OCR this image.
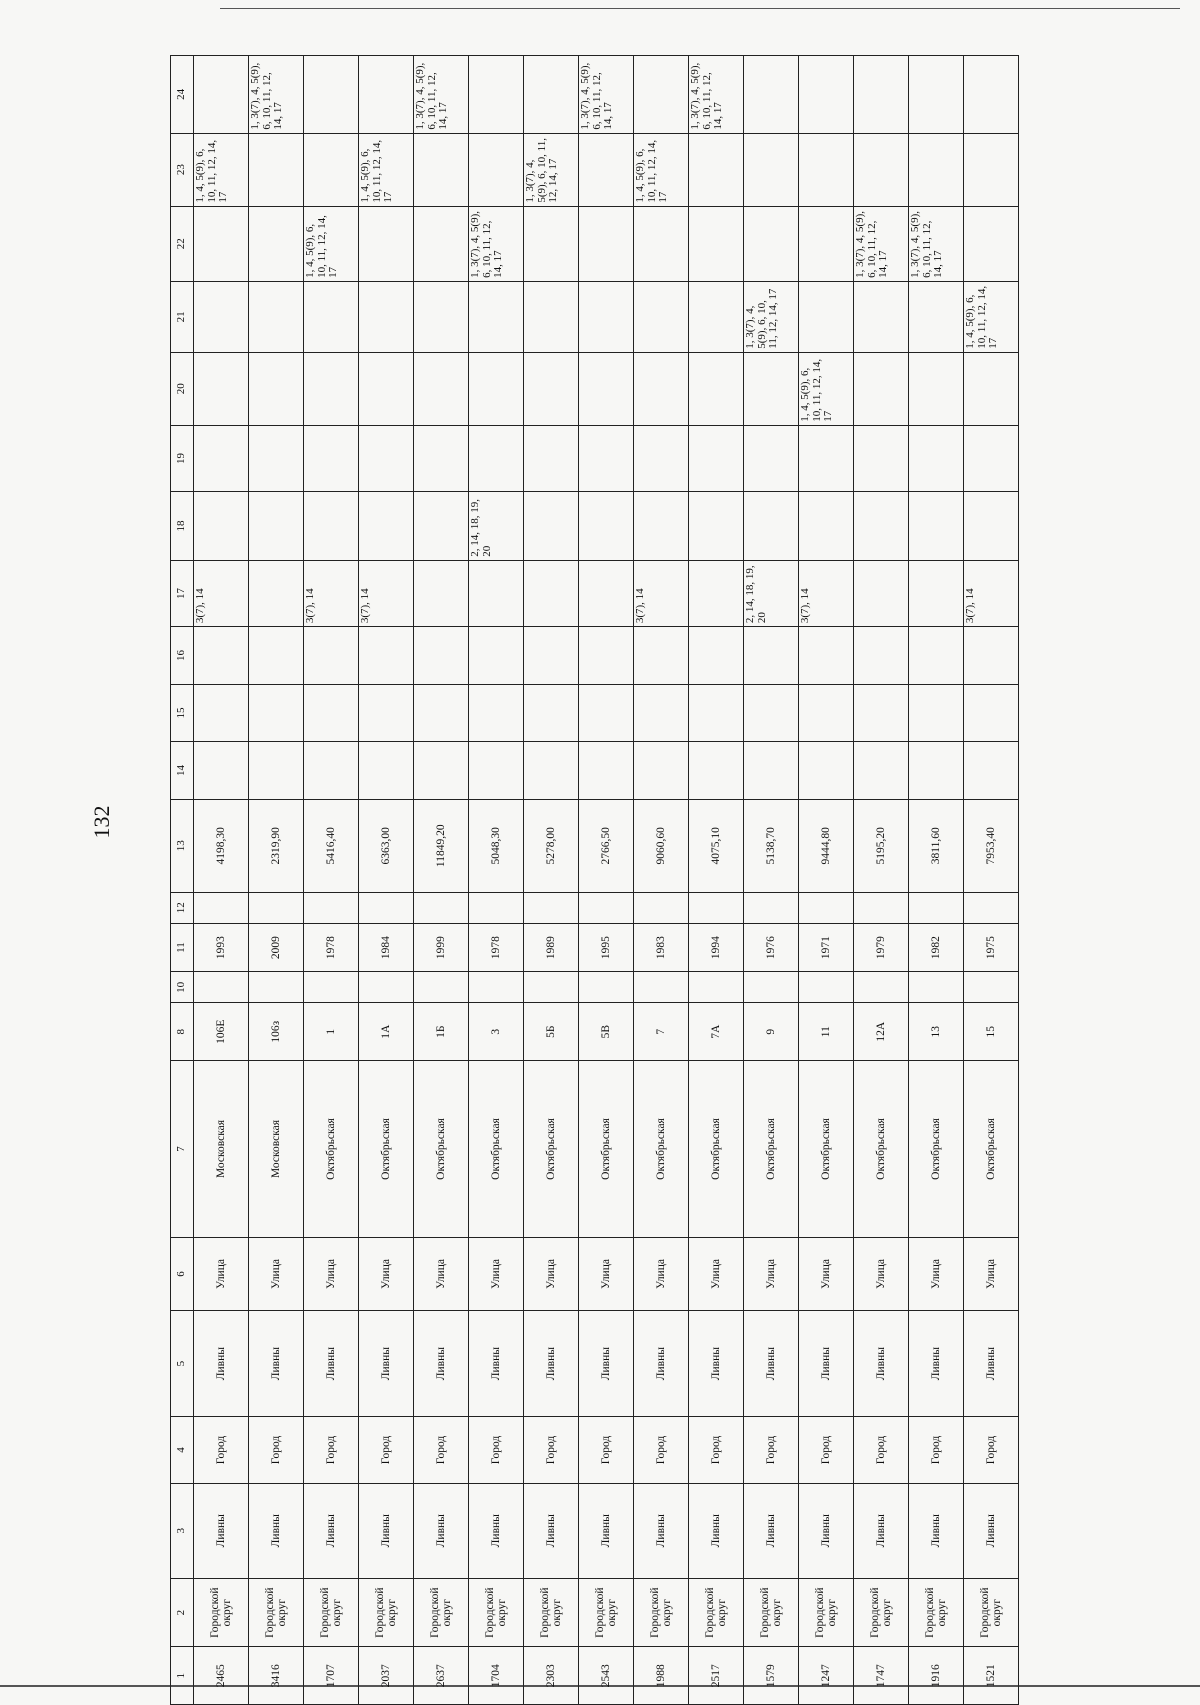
132
1	2	3	4	5	6	7	8	10	11	12	13	14	15	16	17	18	19	20	21	22	23	24
2465	Городской округ	Ливны	Город	Ливны	Улица	Московская	106Е		1993		4198,30				3(7), 14						1, 4, 5(9), 6, 10, 11, 12, 14, 17	
3416	Городской округ	Ливны	Город	Ливны	Улица	Московская	106з		2009		2319,90											1, 3(7), 4, 5(9), 6, 10, 11, 12, 14, 17
1707	Городской округ	Ливны	Город	Ливны	Улица	Октябрьская	1		1978		5416,40				3(7), 14					1, 4, 5(9), 6, 10, 11, 12, 14, 17		
2037	Городской округ	Ливны	Город	Ливны	Улица	Октябрьская	1А		1984		6363,00				3(7), 14						1, 4, 5(9), 6, 10, 11, 12, 14, 17	
2637	Городской округ	Ливны	Город	Ливны	Улица	Октябрьская	1Б		1999		11849,20											1, 3(7), 4, 5(9), 6, 10, 11, 12, 14, 17
1704	Городской округ	Ливны	Город	Ливны	Улица	Октябрьская	3		1978		5048,30					2, 14, 18, 19, 20				1, 3(7), 4, 5(9), 6, 10, 11, 12, 14, 17		
2303	Городской округ	Ливны	Город	Ливны	Улица	Октябрьская	5Б		1989		5278,00										1, 3(7), 4, 5(9), 6, 10, 11, 12, 14, 17	
2543	Городской округ	Ливны	Город	Ливны	Улица	Октябрьская	5В		1995		2766,50											1, 3(7), 4, 5(9), 6, 10, 11, 12, 14, 17
1988	Городской округ	Ливны	Город	Ливны	Улица	Октябрьская	7		1983		9060,60				3(7), 14						1, 4, 5(9), 6, 10, 11, 12, 14, 17	
2517	Городской округ	Ливны	Город	Ливны	Улица	Октябрьская	7А		1994		4075,10											1, 3(7), 4, 5(9), 6, 10, 11, 12, 14, 17
1579	Городской округ	Ливны	Город	Ливны	Улица	Октябрьская	9		1976		5138,70				2, 14, 18, 19, 20				1, 3(7), 4, 5(9), 6, 10, 11, 12, 14, 17			
1247	Городской округ	Ливны	Город	Ливны	Улица	Октябрьская	11		1971		9444,80				3(7), 14			1, 4, 5(9), 6, 10, 11, 12, 14, 17				
1747	Городской округ	Ливны	Город	Ливны	Улица	Октябрьская	12А		1979		5195,20									1, 3(7), 4, 5(9), 6, 10, 11, 12, 14, 17		
1916	Городской округ	Ливны	Город	Ливны	Улица	Октябрьская	13		1982		3811,60									1, 3(7), 4, 5(9), 6, 10, 11, 12, 14, 17		
1521	Городской округ	Ливны	Город	Ливны	Улица	Октябрьская	15		1975		7953,40				3(7), 14				1, 4, 5(9), 6, 10, 11, 12, 14, 17			
